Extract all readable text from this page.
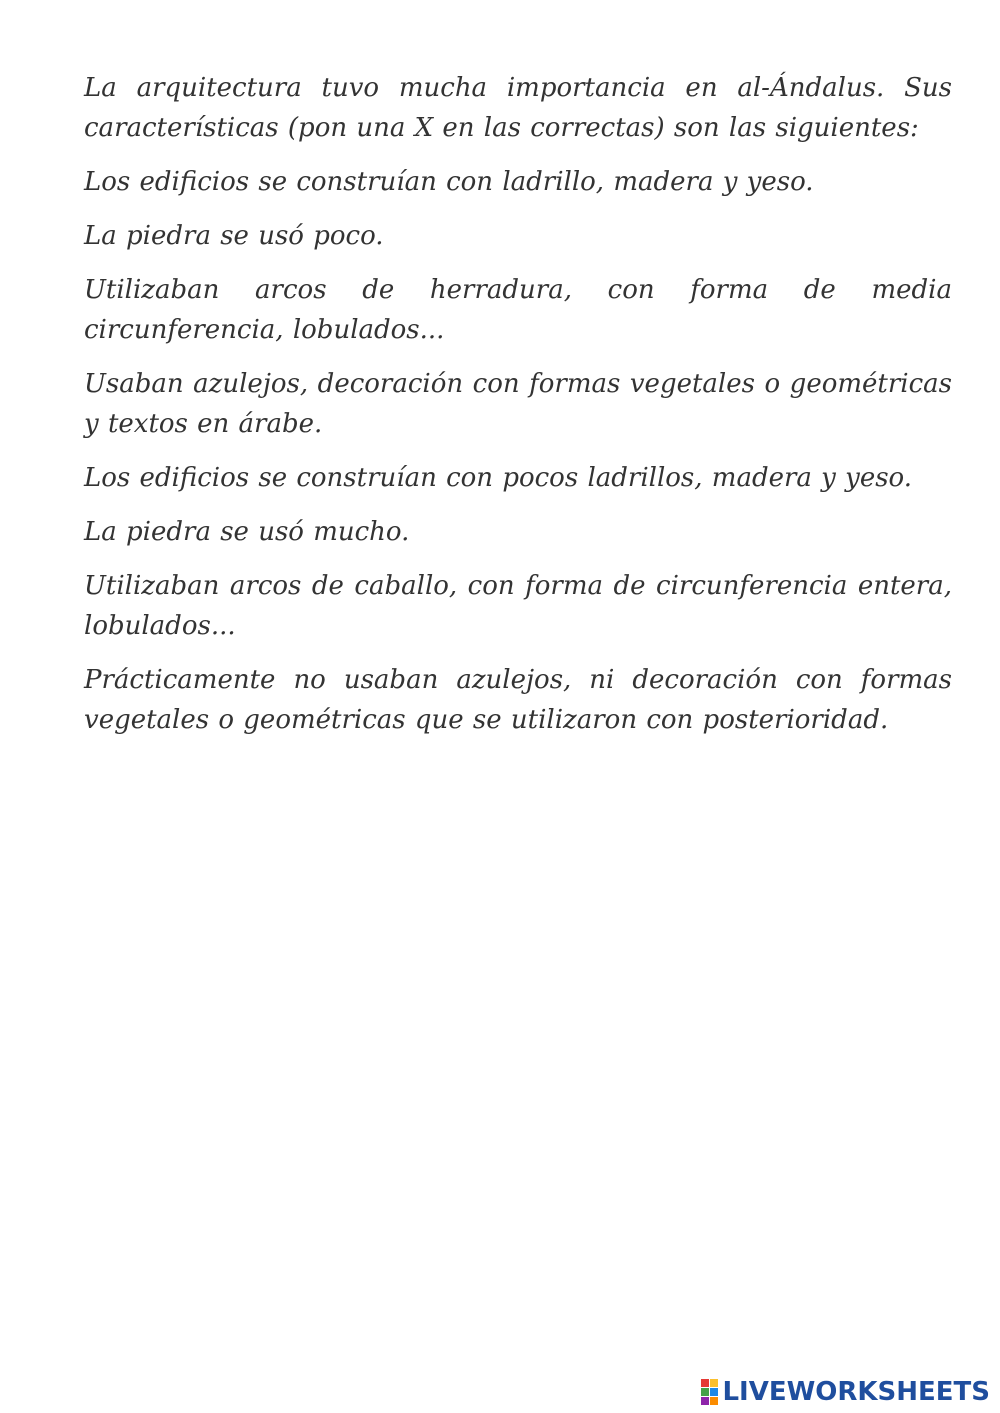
La arquitectura tuvo mucha importancia en al-Ándalus. Sus características (pon una X en las correctas) son las siguientes:

Los edificios se construían con ladrillo, madera y yeso.

La piedra se usó poco.

Utilizaban arcos de herradura, con forma de media circunferencia, lobulados...

Usaban azulejos, decoración con formas vegetales o geométricas y textos en árabe.

Los edificios se construían con pocos ladrillos, madera y yeso.

La piedra se usó mucho.

Utilizaban arcos de caballo, con forma de circunferencia entera, lobulados...

Prácticamente no usaban azulejos, ni decoración con formas vegetales o geométricas que se utilizaron con posterioridad.

LIVEWORKSHEETS
